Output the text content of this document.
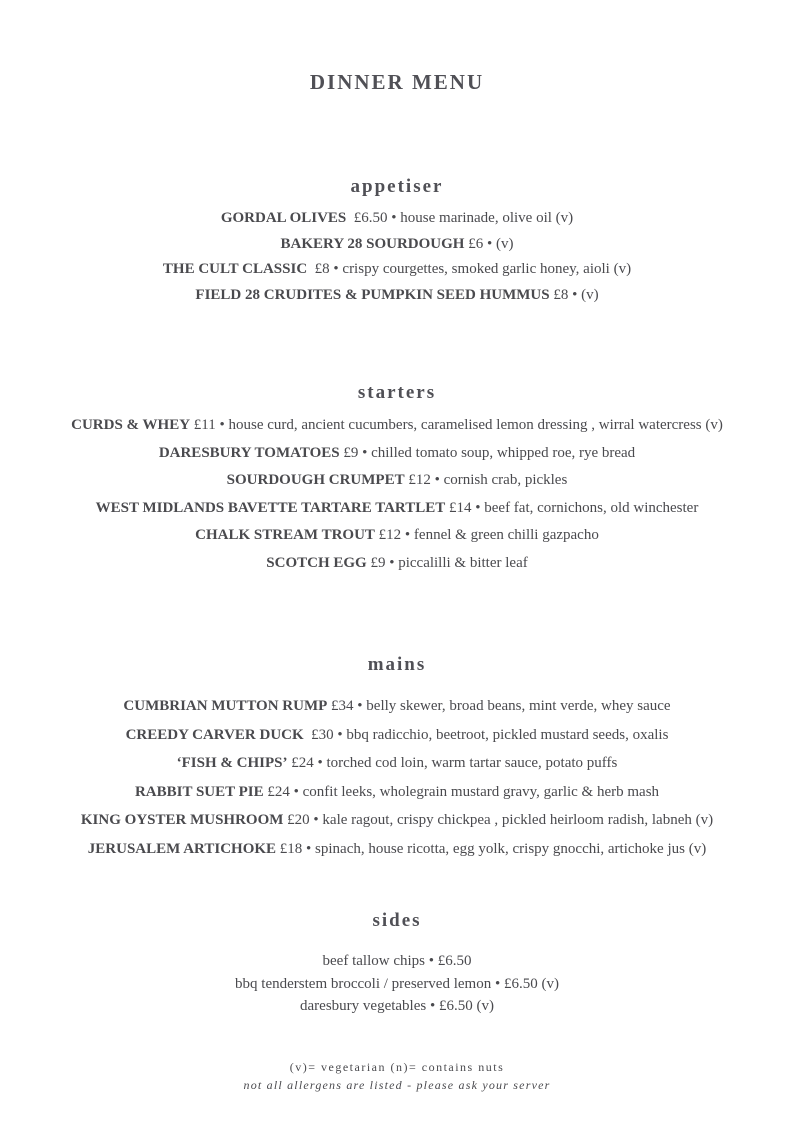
DINNER MENU
appetiser
GORDAL OLIVES £6.50 • house marinade, olive oil (v)
BAKERY 28 SOURDOUGH £6 • (v)
THE CULT CLASSIC £8 • crispy courgettes, smoked garlic honey, aioli (v)
FIELD 28 CRUDITES & PUMPKIN SEED HUMMUS £8 • (v)
starters
CURDS & WHEY £11 • house curd, ancient cucumbers, caramelised lemon dressing , wirral watercress (v)
DARESBURY TOMATOES £9 • chilled tomato soup, whipped roe, rye bread
SOURDOUGH CRUMPET £12 • cornish crab, pickles
WEST MIDLANDS BAVETTE TARTARE TARTLET £14 • beef fat, cornichons, old winchester
CHALK STREAM TROUT £12 • fennel & green chilli gazpacho
SCOTCH EGG £9 • piccalilli & bitter leaf
mains
CUMBRIAN MUTTON RUMP £34 • belly skewer, broad beans, mint verde, whey sauce
CREEDY CARVER DUCK £30 • bbq radicchio, beetroot, pickled mustard seeds, oxalis
‘FISH & CHIPS’ £24 • torched cod loin, warm tartar sauce, potato puffs
RABBIT SUET PIE £24 • confit leeks, wholegrain mustard gravy, garlic & herb mash
KING OYSTER MUSHROOM £20 • kale ragout, crispy chickpea , pickled heirloom radish, labneh (v)
JERUSALEM ARTICHOKE £18 • spinach, house ricotta, egg yolk, crispy gnocchi, artichoke jus (v)
sides
beef tallow chips • £6.50
bbq tenderstem broccoli / preserved lemon • £6.50 (v)
daresbury vegetables • £6.50 (v)
(v)= vegetarian (n)= contains nuts
not all allergens are listed - please ask your server
